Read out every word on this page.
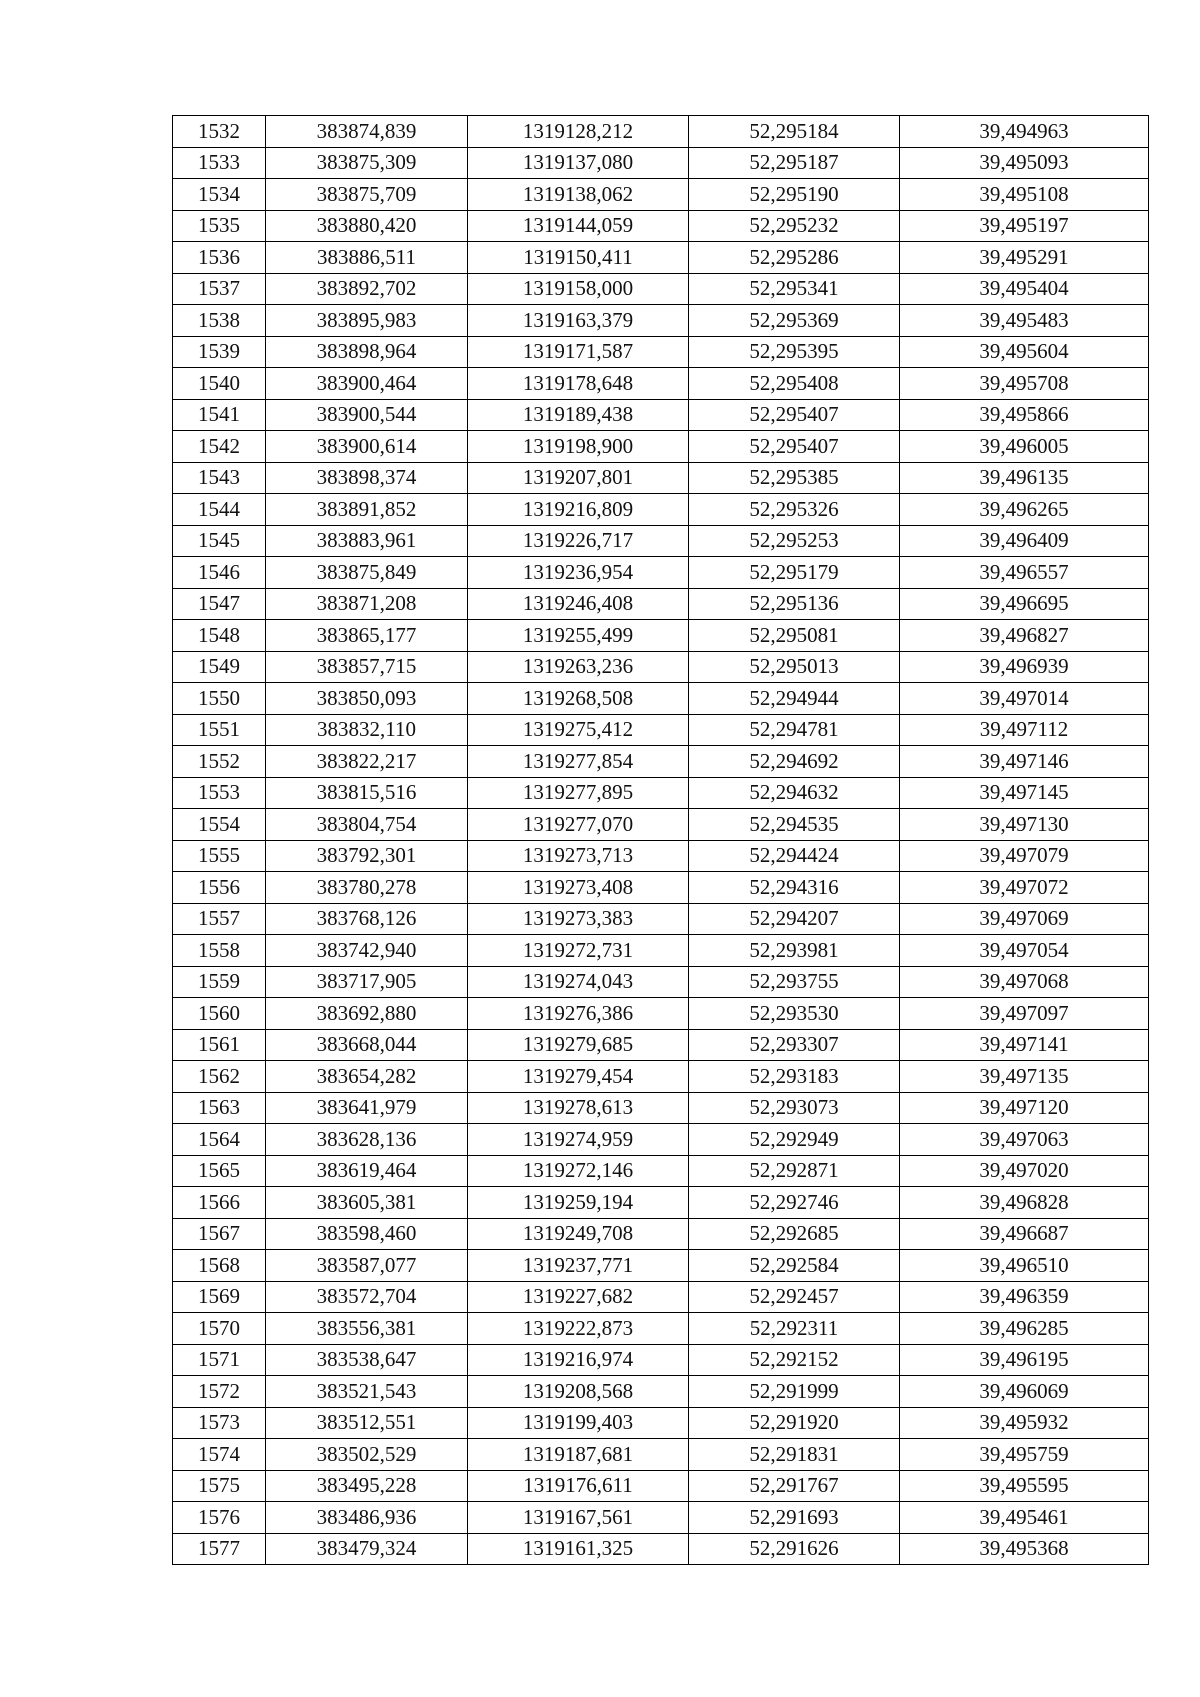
1532	383874,839	1319128,212	52,295184	39,494963
1533	383875,309	1319137,080	52,295187	39,495093
1534	383875,709	1319138,062	52,295190	39,495108
1535	383880,420	1319144,059	52,295232	39,495197
1536	383886,511	1319150,411	52,295286	39,495291
1537	383892,702	1319158,000	52,295341	39,495404
1538	383895,983	1319163,379	52,295369	39,495483
1539	383898,964	1319171,587	52,295395	39,495604
1540	383900,464	1319178,648	52,295408	39,495708
1541	383900,544	1319189,438	52,295407	39,495866
1542	383900,614	1319198,900	52,295407	39,496005
1543	383898,374	1319207,801	52,295385	39,496135
1544	383891,852	1319216,809	52,295326	39,496265
1545	383883,961	1319226,717	52,295253	39,496409
1546	383875,849	1319236,954	52,295179	39,496557
1547	383871,208	1319246,408	52,295136	39,496695
1548	383865,177	1319255,499	52,295081	39,496827
1549	383857,715	1319263,236	52,295013	39,496939
1550	383850,093	1319268,508	52,294944	39,497014
1551	383832,110	1319275,412	52,294781	39,497112
1552	383822,217	1319277,854	52,294692	39,497146
1553	383815,516	1319277,895	52,294632	39,497145
1554	383804,754	1319277,070	52,294535	39,497130
1555	383792,301	1319273,713	52,294424	39,497079
1556	383780,278	1319273,408	52,294316	39,497072
1557	383768,126	1319273,383	52,294207	39,497069
1558	383742,940	1319272,731	52,293981	39,497054
1559	383717,905	1319274,043	52,293755	39,497068
1560	383692,880	1319276,386	52,293530	39,497097
1561	383668,044	1319279,685	52,293307	39,497141
1562	383654,282	1319279,454	52,293183	39,497135
1563	383641,979	1319278,613	52,293073	39,497120
1564	383628,136	1319274,959	52,292949	39,497063
1565	383619,464	1319272,146	52,292871	39,497020
1566	383605,381	1319259,194	52,292746	39,496828
1567	383598,460	1319249,708	52,292685	39,496687
1568	383587,077	1319237,771	52,292584	39,496510
1569	383572,704	1319227,682	52,292457	39,496359
1570	383556,381	1319222,873	52,292311	39,496285
1571	383538,647	1319216,974	52,292152	39,496195
1572	383521,543	1319208,568	52,291999	39,496069
1573	383512,551	1319199,403	52,291920	39,495932
1574	383502,529	1319187,681	52,291831	39,495759
1575	383495,228	1319176,611	52,291767	39,495595
1576	383486,936	1319167,561	52,291693	39,495461
1577	383479,324	1319161,325	52,291626	39,495368
